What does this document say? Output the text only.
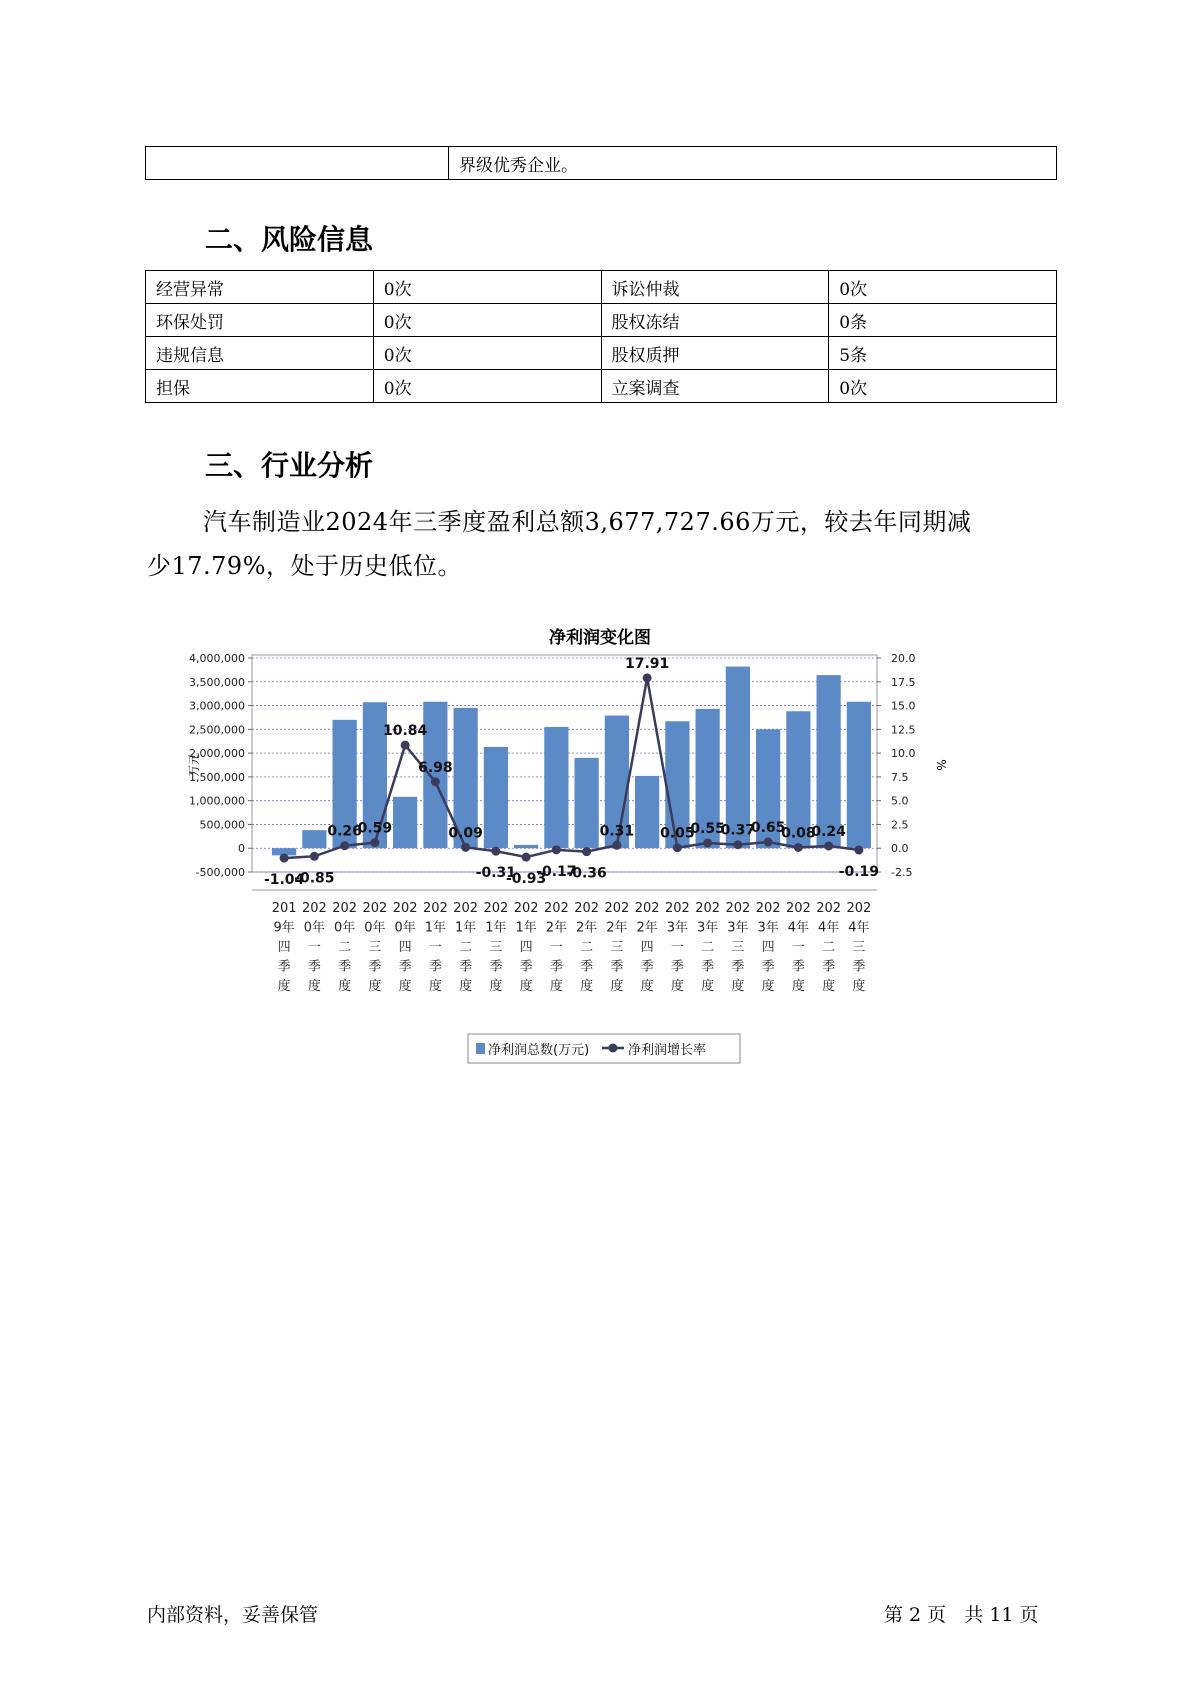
	界级优秀企业。
二、风险信息
经营异常	0次	诉讼仲裁	0次
环保处罚	0次	股权冻结	0条
违规信息	0次	股权质押	5条
担保	0次	立案调查	0次
三、行业分析
汽车制造业2024年三季度盈利总额3,677,727.66万元，较去年同期减
少17.79%，处于历史低位。
净利润变化图
4,000,000
3,500,000
3,000,000
2,500,000
2,000,000
1,500,000
1,000,000
500,000
0
-500,000
20.0
17.5
15.0
12.5
10.0
7.5
5.0
2.5
0.0
-2.5
万元	%
-1.04
-0.85
0.26
0.59
10.84
6.98
0.09
-0.31
-0.93
-0.17
-0.36
0.31
17.91
0.05
0.55
0.37
0.65
0.08
0.24
-0.19
201
9年
四
季
度
202
0年
一
季
度
202
0年
二
季
度
202
0年
三
季
度
202
0年
四
季
度
202
1年
一
季
度
202
1年
二
季
度
202
1年
三
季
度
202
1年
四
季
度
202
2年
一
季
度
202
2年
二
季
度
202
2年
三
季
度
202
2年
四
季
度
202
3年
一
季
度
202
3年
二
季
度
202
3年
三
季
度
202
3年
四
季
度
202
4年
一
季
度
202
4年
二
季
度
202
4年
三
季
度
净利润总数(万元)	净利润增长率
内部资料，妥善保管	第 2 页   共 11 页
